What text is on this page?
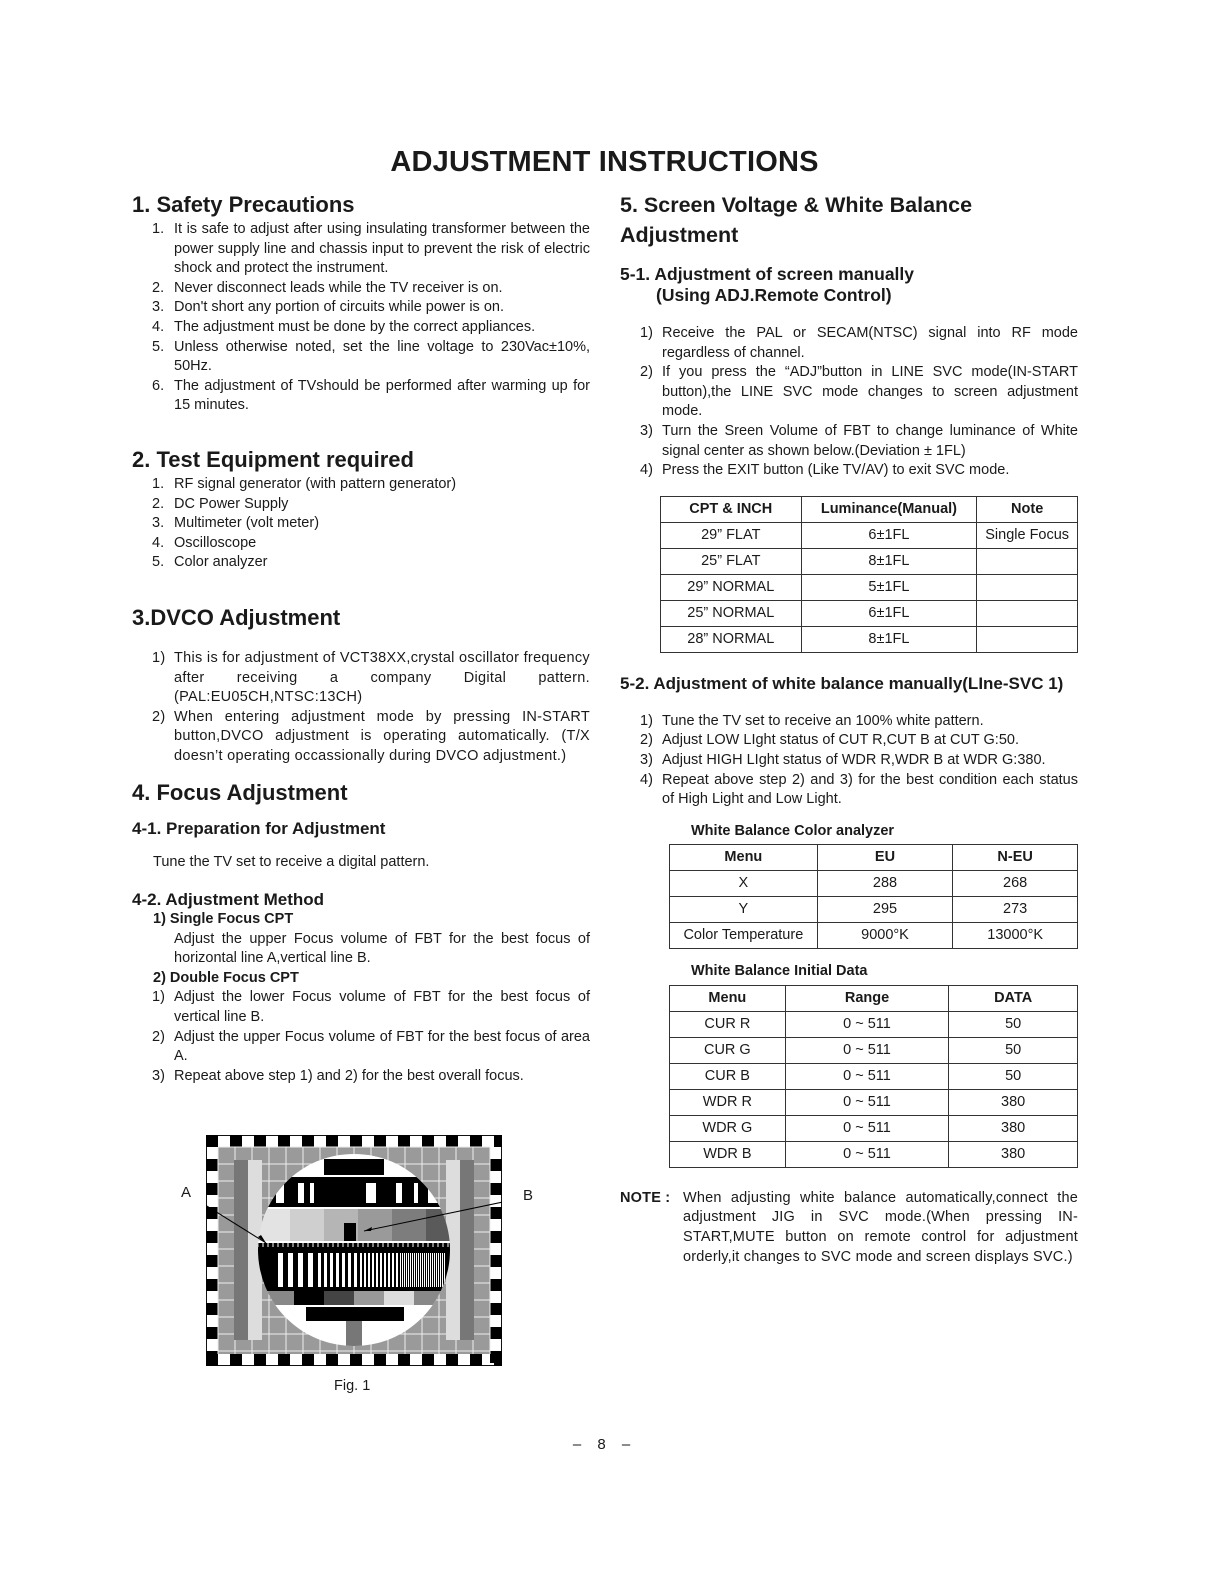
ADJUSTMENT INSTRUCTIONS
1. Safety Precautions
1. It is safe to adjust after using insulating transformer between the power supply line and chassis input to prevent the risk of electric shock and protect the instrument.
2. Never disconnect leads while the TV receiver is on.
3. Don't short any portion of circuits while power is on.
4. The adjustment must be done by the correct appliances.
5. Unless otherwise noted, set the line voltage to 230Vac±10%, 50Hz.
6. The adjustment of TVshould be performed after warming up for 15 minutes.
2. Test Equipment required
1. RF signal generator (with pattern generator)
2. DC Power Supply
3. Multimeter (volt meter)
4. Oscilloscope
5. Color analyzer
3.DVCO Adjustment
1) This is for adjustment of VCT38XX,crystal oscillator frequency after receiving a company Digital pattern.(PAL:EU05CH,NTSC:13CH)
2) When entering adjustment mode by pressing IN-START button,DVCO adjustment is operating automatically. (T/X doesn’t operating occassionally during DVCO adjustment.)
4. Focus Adjustment
4-1. Preparation for Adjustment
Tune the TV set to receive a digital pattern.
4-2. Adjustment Method
1) Single Focus CPT
Adjust the upper Focus volume of FBT for the best focus of horizontal line A,vertical line B.
2) Double Focus CPT
1) Adjust the lower Focus volume of FBT for the best focus of vertical line B.
2) Adjust the upper Focus volume of FBT for the best focus of area A.
3) Repeat above step 1) and 2) for the best overall focus.
A	B
Fig. 1
5. Screen Voltage & White Balance Adjustment
5-1. Adjustment of screen manually
(Using ADJ.Remote Control)
1) Receive the PAL or SECAM(NTSC) signal into RF mode regardless of channel.
2) If you press the “ADJ”button in LINE SVC mode(IN-START button),the LINE SVC mode changes to screen adjustment mode.
3) Turn the Sreen Volume of FBT to change luminance of White signal center as shown below.(Deviation ± 1FL)
4) Press the EXIT button (Like TV/AV) to exit SVC mode.
CPT & INCH	Luminance(Manual)	Note
29” FLAT	6±1FL	Single Focus
25” FLAT	8±1FL	
29” NORMAL	5±1FL	
25” NORMAL	6±1FL	
28” NORMAL	8±1FL	
5-2. Adjustment of white balance manually(LIne-SVC 1)
1) Tune the TV set to receive an 100% white pattern.
2) Adjust LOW LIght status of CUT R,CUT B at CUT G:50.
3) Adjust HIGH LIght status of WDR R,WDR B at WDR G:380.
4) Repeat above step 2) and 3) for the best condition each status of High Light and Low Light.
White Balance Color analyzer
Menu	EU	N-EU
X	288	268
Y	295	273
Color Temperature	9000°K	13000°K
White Balance Initial Data
Menu	Range	DATA
CUR R	0 ~ 511	50
CUR G	0 ~ 511	50
CUR B	0 ~ 511	50
WDR R	0 ~ 511	380
WDR G	0 ~ 511	380
WDR B	0 ~ 511	380
NOTE : When adjusting white balance automatically,connect the adjustment JIG in SVC mode.(When pressing IN-START,MUTE button on remote control for adjustment orderly,it changes to SVC mode and screen displays SVC.)
– 8 –
